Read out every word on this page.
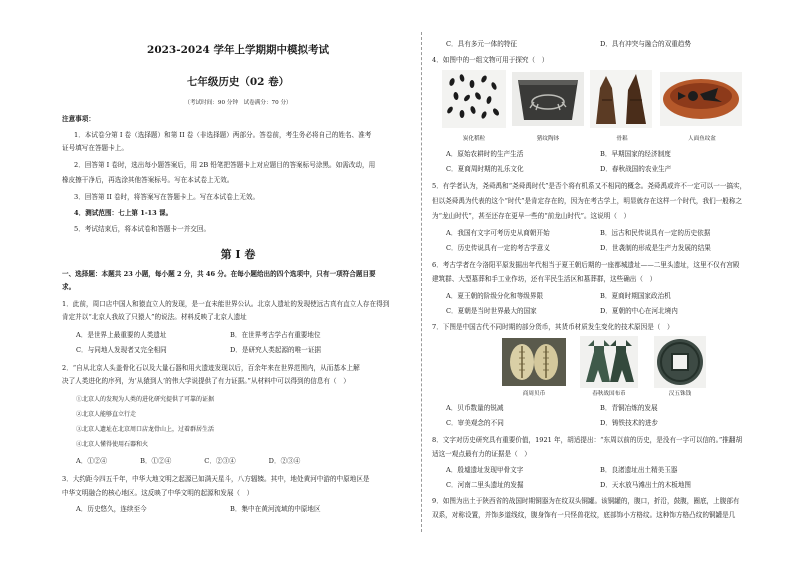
2023-2024 学年上学期期中模拟考试
七年级历史（02 卷）
（考试时间：90 分钟　试卷满分：70 分）
注意事项：
1．本试卷分第 I 卷（选择题）和第 II 卷（非选择题）两部分。答卷前，考生务必将自己的姓名、准考
证号填写在答题卡上。
2．回答第 I 卷时，选出每小题答案后，用 2B 铅笔把答题卡上对应题目的答案标号涂黑。如需改动，用
橡皮擦干净后，再选涂其他答案标号。写在本试卷上无效。
3．回答第 II 卷时，将答案写在答题卡上。写在本试卷上无效。
4．测试范围：七上第 1-13 课。
5．考试结束后，将本试卷和答题卡一并交回。
第 I 卷
一、选择题：本题共 23 小题，每小题 2 分，共 46 分。在每小题给出的四个选项中，只有一项符合题目要
求。
1．此前，周口店中国人和猿直立人的发现，是一直未能世界公认。北京人遗址的发现使远古真有直立人存在得到
肯定并以“北京人我故了只猿人”的说法。材料反映了北京人遗址
A．是世界上最重要的人类遗址	B．在世界考古学占有重要地位
C．与同地人发现者又完全相同	D．是研究人类起源的唯一证据
2．“自从北京人头盖骨化石以及大量石器和用火遗迹发现以后，百余年来在世界范围内，从而基本上解
决了人类进化的序列，为‘从猿到人’的伟大学说提供了有力证据。”从材料中可以得到的信息有（　）
①北京人的发现为人类的进化研究提供了可靠的证据
②北京人能够直立行走
③北京人遗址在北京周口店龙骨山上，过着群居生活
④北京人懂得使用石器和火
A．①②④　　　　　B．①②④　　　　　C．②③④　　　　　D．②③④
3．大约距今四五千年，中华大地文明之起源已如满天星斗，八方辐辏。其中，地处黄河中游的中原地区是
中华文明融合的核心地区。这反映了中华文明的起源和发展（　）
A．历史悠久，连续至今	B．集中在黄河流域的中原地区
C．具有多元一体的特征	D．具有冲突与融合的双重趋势
4．如图中的一组文物可用于探究（　）
炭化稻粒	猪纹陶钵	骨耜	人面鱼纹盆
A．原始农耕时的生产生活	B．早期国家的经济制度
C．夏商周时期的礼乐文化	D．春秋战国的农业生产
5．有学者认为，尧舜禹和“尧舜禹时代”是否个将有机系又不相同的概念。尧舜禹或许不一定可以一一搞实，
但以尧舜禹为代表的这个“时代”是肯定存在的，因为在考古学上，明显就存在这样一个时代，我们一般称之
为“龙山时代”，甚至还存在更早一些的“前龙山时代”。这说明（　）
A．我国有文字可考历史从商朝开始	B．远古和民传说具有一定的历史依据
C．历史传说具有一定的考古学意义	D．世袭制的形成是生产力发展的结果
6．考古学者在今洛阳平原发掘出年代相当于夏王朝后期的一座都城遗址——二里头遗址，这里不仅有宫殿
建筑群、大型墓葬和手工业作坊，还有平民生活区和墓葬群，这些确出（　）
A．夏王朝的阶级分化和等级界限	B．夏商时期国家政治机
C．夏朝是当时世界最大的国家	D．夏朝的中心在河北境内
7．下图是中国古代不同时期的部分货币，其货币材质发生变化的技术原因是（　）
商周贝币	春秋战国布币	汉五铢钱
A．贝币数量的锐减	B．青铜冶炼的发展
C．审美观念的不同	D．铸铁技术的进步
8．文字对历史研究具有重要价值，1921 年，胡适提出：“东周以前的历史，是没有一字可以信的。”推翻胡
适这一观点最有力的证据是（　）
A．殷墟遗址发现甲骨文字	B．良渚遗址出土精美玉器
C．河南二里头遗址的发掘	D．天水放马滩出土的木板地图
9．如图为出土于陕西省的战国时期铜器为在纹双头铜罐。该铜罐的，腹口，折沿，鼓腹，圈底，上腹部有
双系，对称设置，并饰多道线纹，腹身饰有一只怪兽花纹，底部饰小方格纹。这种饰方格凸纹的铜罐是几
